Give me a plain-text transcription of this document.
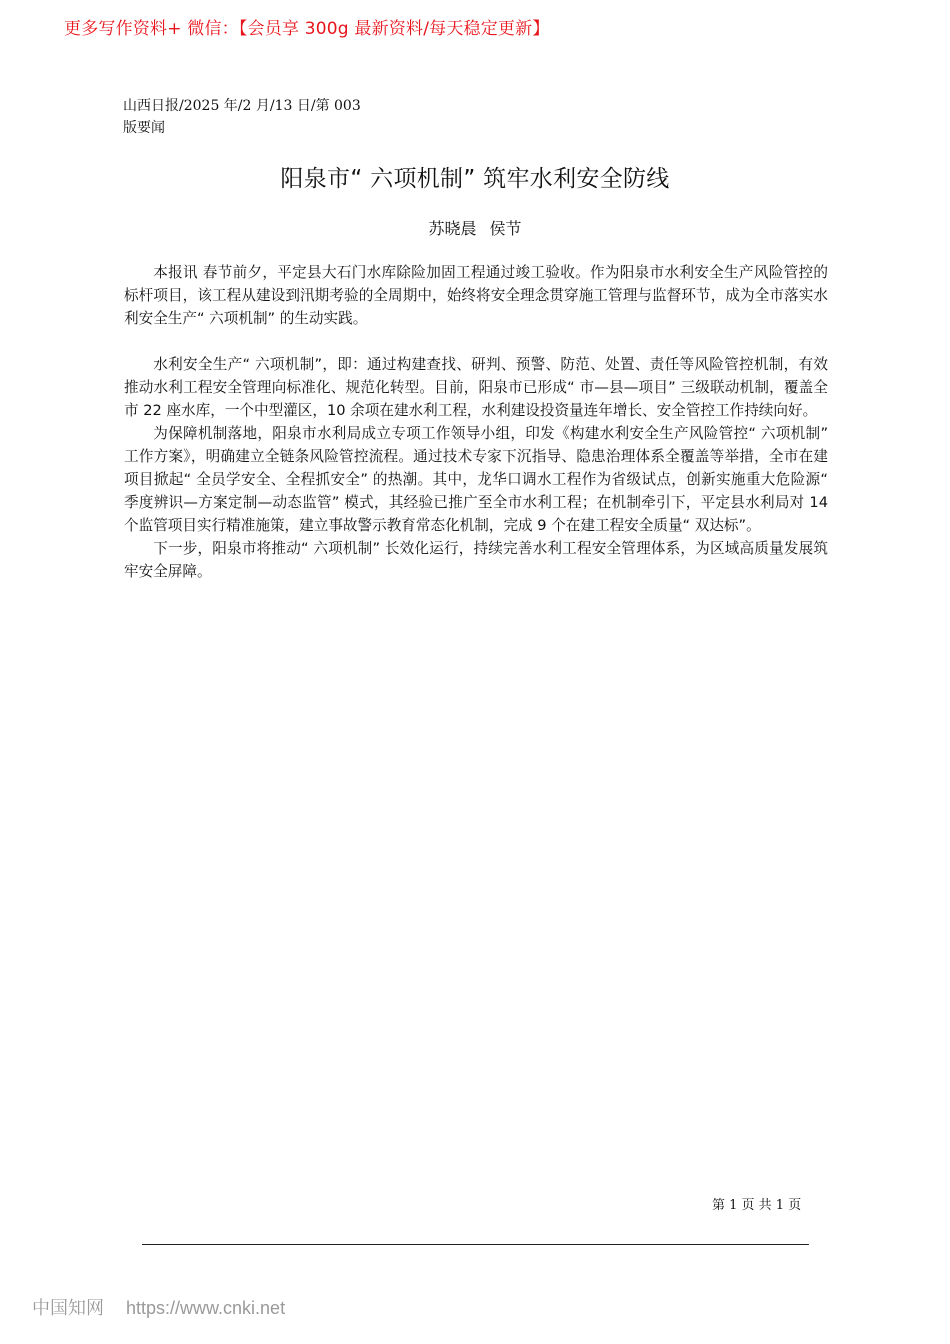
更多写作资料+ 微信：【会员享 300g 最新资料/每天稳定更新】
山西日报/2025 年/2 月/13 日/第 003
版要闻
阳泉市“ 六项机制” 筑牢水利安全防线
苏晓晨 侯节

本报讯 春节前夕，平定县大石门水库除险加固工程通过竣工验收。作为阳泉市水利安全生产风险管控的标杆项目，该工程从建设到汛期考验的全周期中，始终将安全理念贯穿施工管理与监督环节，成为全市落实水利安全生产“ 六项机制” 的生动实践。

水利安全生产“ 六项机制”，即：通过构建查找、研判、预警、防范、处置、责任等风险管控机制，有效推动水利工程安全管理向标准化、规范化转型。目前，阳泉市已形成“ 市—县—项目” 三级联动机制，覆盖全市 22 座水库，一个中型灌区，10 余项在建水利工程，水利建设投资量连年增长、安全管控工作持续向好。

为保障机制落地，阳泉市水利局成立专项工作领导小组，印发《构建水利安全生产风险管控“ 六项机制” 工作方案》，明确建立全链条风险管控流程。通过技术专家下沉指导、隐患治理体系全覆盖等举措，全市在建项目掀起“ 全员学安全、全程抓安全” 的热潮。其中，龙华口调水工程作为省级试点，创新实施重大危险源“ 季度辨识—方案定制—动态监管” 模式，其经验已推广至全市水利工程；在机制牵引下，平定县水利局对 14 个监管项目实行精准施策，建立事故警示教育常态化机制，完成 9 个在建工程安全质量“ 双达标”。

下一步，阳泉市将推动“ 六项机制” 长效化运行，持续完善水利工程安全管理体系，为区域高质量发展筑牢安全屏障。

第 1 页 共 1 页
中国知网 https://www.cnki.net
